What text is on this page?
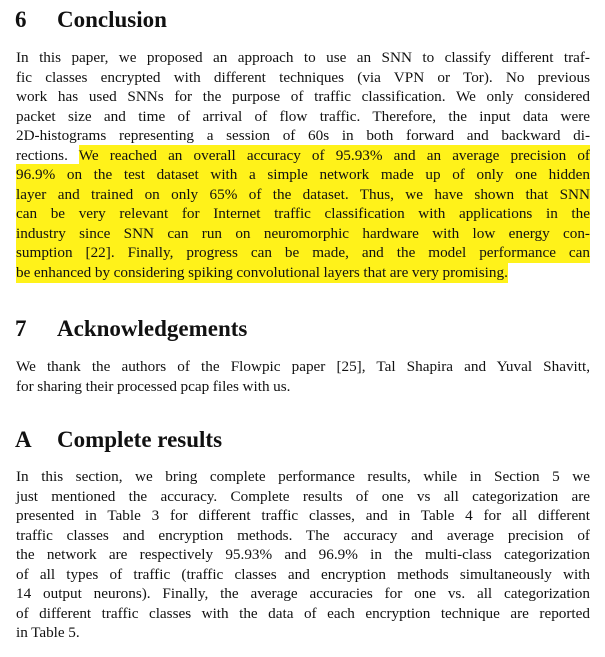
6 Conclusion
In this paper, we proposed an approach to use an SNN to classify different traf-
fic classes encrypted with different techniques (via VPN or Tor). No previous
work has used SNNs for the purpose of traffic classification. We only considered
packet size and time of arrival of flow traffic. Therefore, the input data were
2D-histograms representing a session of 60s in both forward and backward di-
rections. We reached an overall accuracy of 95.93% and an average precision of
96.9% on the test dataset with a simple network made up of only one hidden
layer and trained on only 65% of the dataset. Thus, we have shown that SNN
can be very relevant for Internet traffic classification with applications in the
industry since SNN can run on neuromorphic hardware with low energy con-
sumption [22]. Finally, progress can be made, and the model performance can
be enhanced by considering spiking convolutional layers that are very promising.
7 Acknowledgements
We thank the authors of the Flowpic paper [25], Tal Shapira and Yuval Shavitt,
for sharing their processed pcap files with us.
A Complete results
In this section, we bring complete performance results, while in Section 5 we
just mentioned the accuracy. Complete results of one vs all categorization are
presented in Table 3 for different traffic classes, and in Table 4 for all different
traffic classes and encryption methods. The accuracy and average precision of
the network are respectively 95.93% and 96.9% in the multi-class categorization
of all types of traffic (traffic classes and encryption methods simultaneously with
14 output neurons). Finally, the average accuracies for one vs. all categorization
of different traffic classes with the data of each encryption technique are reported
in Table 5.
